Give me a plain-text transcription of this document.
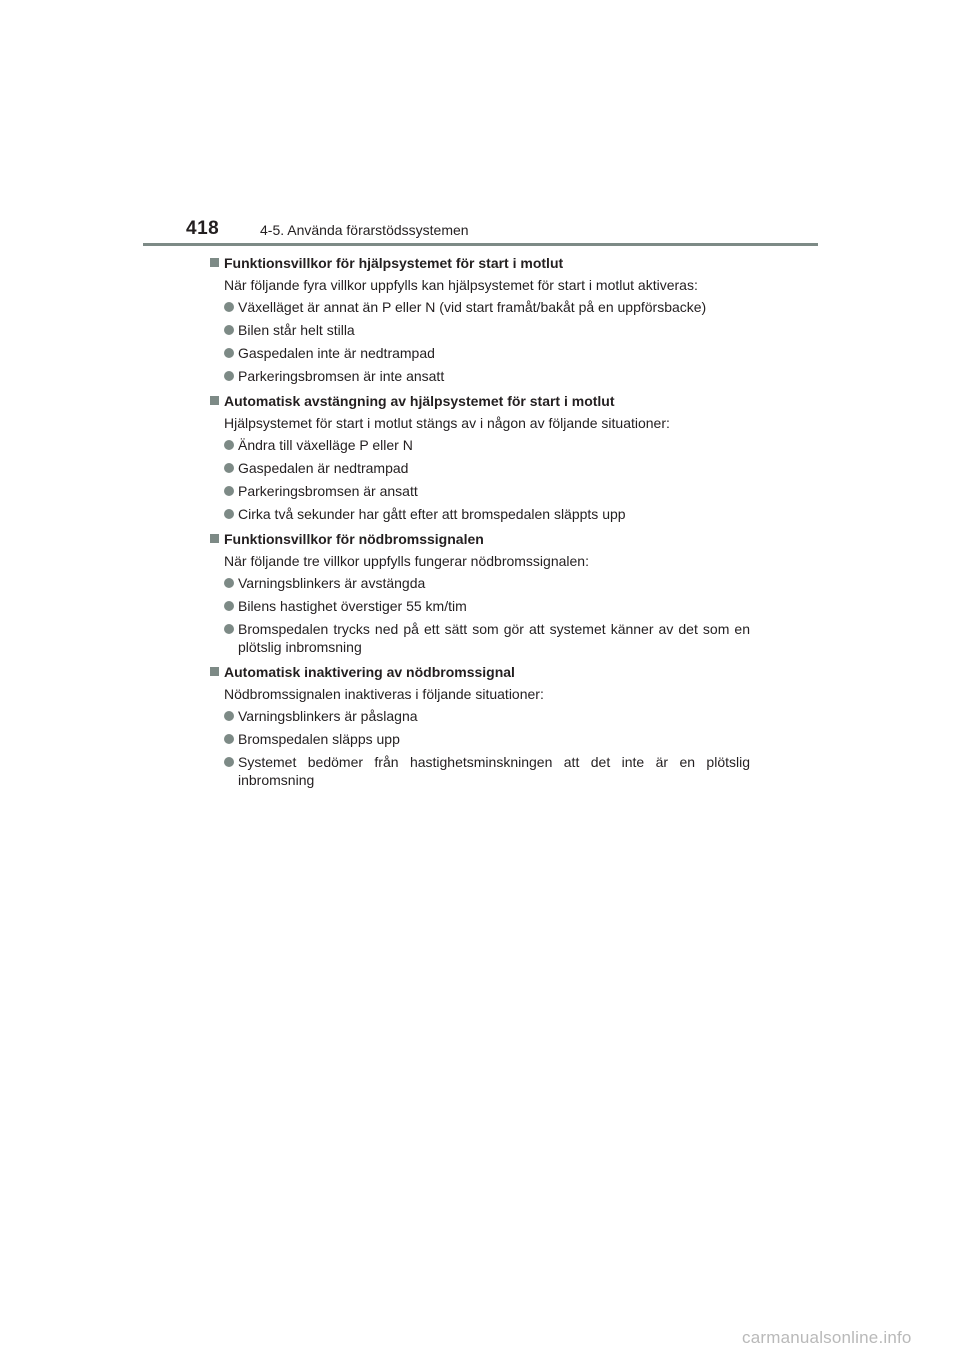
418	4-5. Använda förarstödssystemen
Funktionsvillkor för hjälpsystemet för start i motlut
När följande fyra villkor uppfylls kan hjälpsystemet för start i motlut aktiveras:
Växelläget är annat än P eller N (vid start framåt/bakåt på en uppförsbacke)
Bilen står helt stilla
Gaspedalen inte är nedtrampad
Parkeringsbromsen är inte ansatt
Automatisk avstängning av hjälpsystemet för start i motlut
Hjälpsystemet för start i motlut stängs av i någon av följande situationer:
Ändra till växelläge P eller N
Gaspedalen är nedtrampad
Parkeringsbromsen är ansatt
Cirka två sekunder har gått efter att bromspedalen släppts upp
Funktionsvillkor för nödbromssignalen
När följande tre villkor uppfylls fungerar nödbromssignalen:
Varningsblinkers är avstängda
Bilens hastighet överstiger 55 km/tim
Bromspedalen trycks ned på ett sätt som gör att systemet känner av det som en plötslig inbromsning
Automatisk inaktivering av nödbromssignal
Nödbromssignalen inaktiveras i följande situationer:
Varningsblinkers är påslagna
Bromspedalen släpps upp
Systemet bedömer från hastighetsminskningen att det inte är en plötslig inbromsning
carmanualsonline.info
